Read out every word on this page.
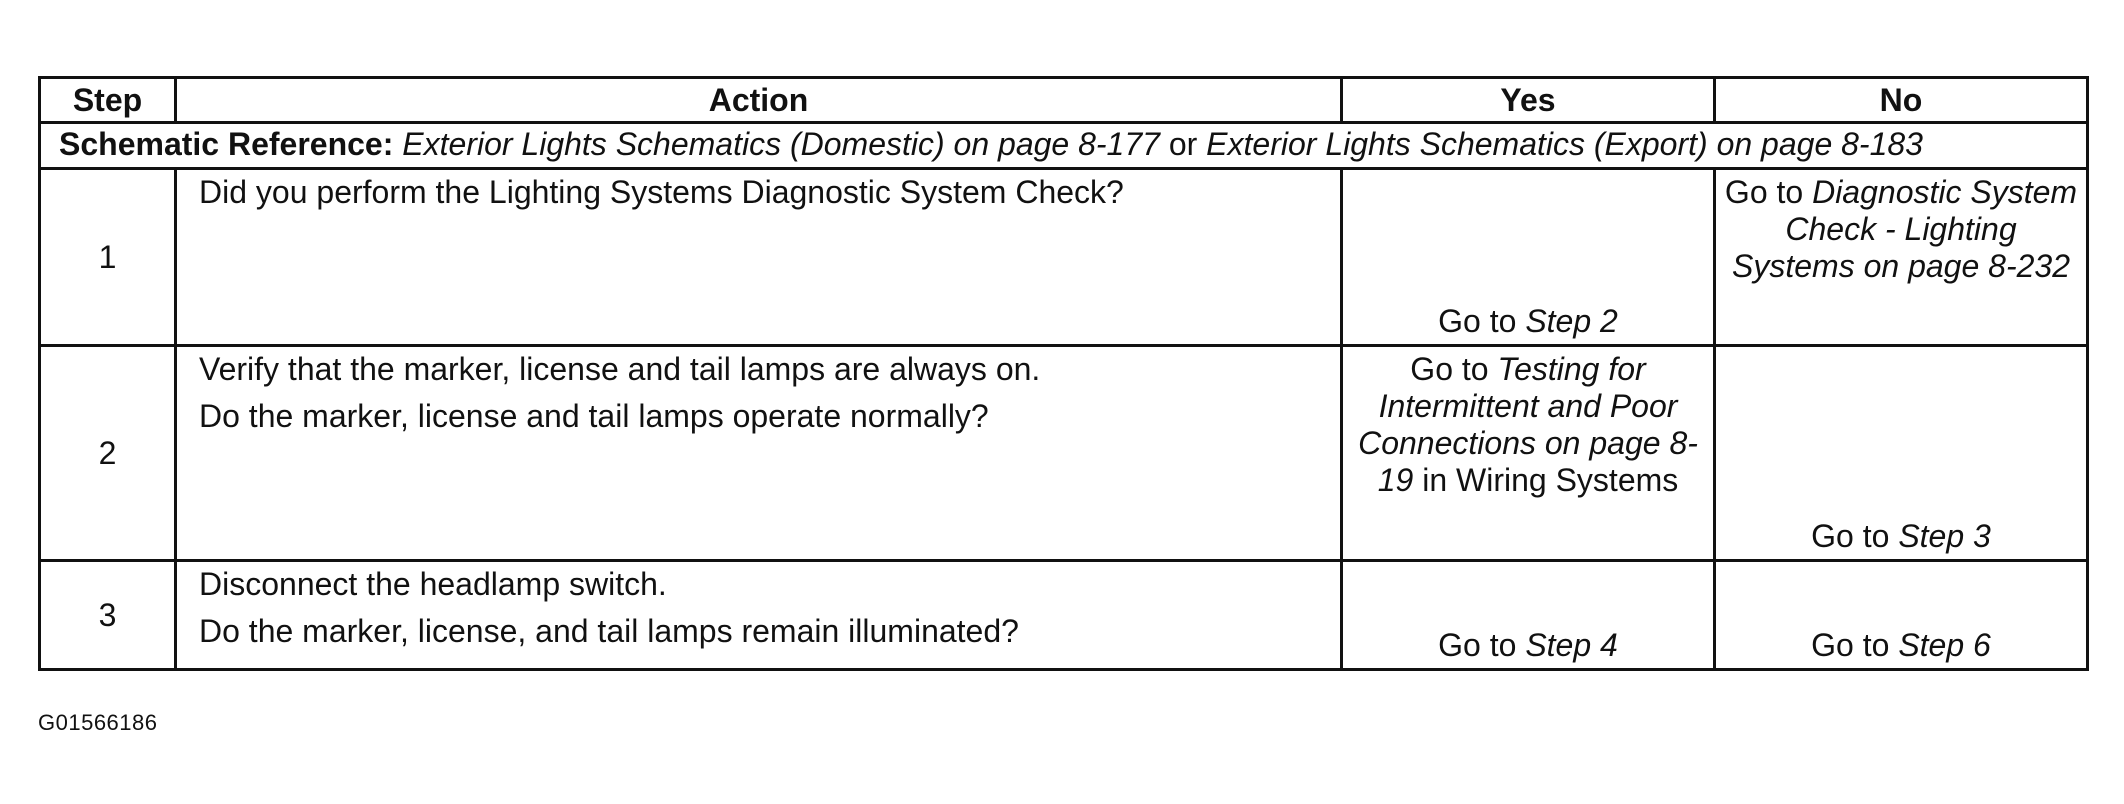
Step	Action	Yes	No
Schematic Reference: Exterior Lights Schematics (Domestic) on page 8-177 or Exterior Lights Schematics (Export) on page 8-183			
1	Did you perform the Lighting Systems Diagnostic System Check?	Go to Step 2	Go to Diagnostic System Check - Lighting Systems on page 8-232
2	Verify that the marker, license and tail lamps are always on.

Do the marker, license and tail lamps operate normally?	Go to Testing for Intermittent and Poor Connections on page 8-19 in Wiring Systems	Go to Step 3
3	Disconnect the headlamp switch.

Do the marker, license, and tail lamps remain illuminated?	Go to Step 4	Go to Step 6
G01566186
